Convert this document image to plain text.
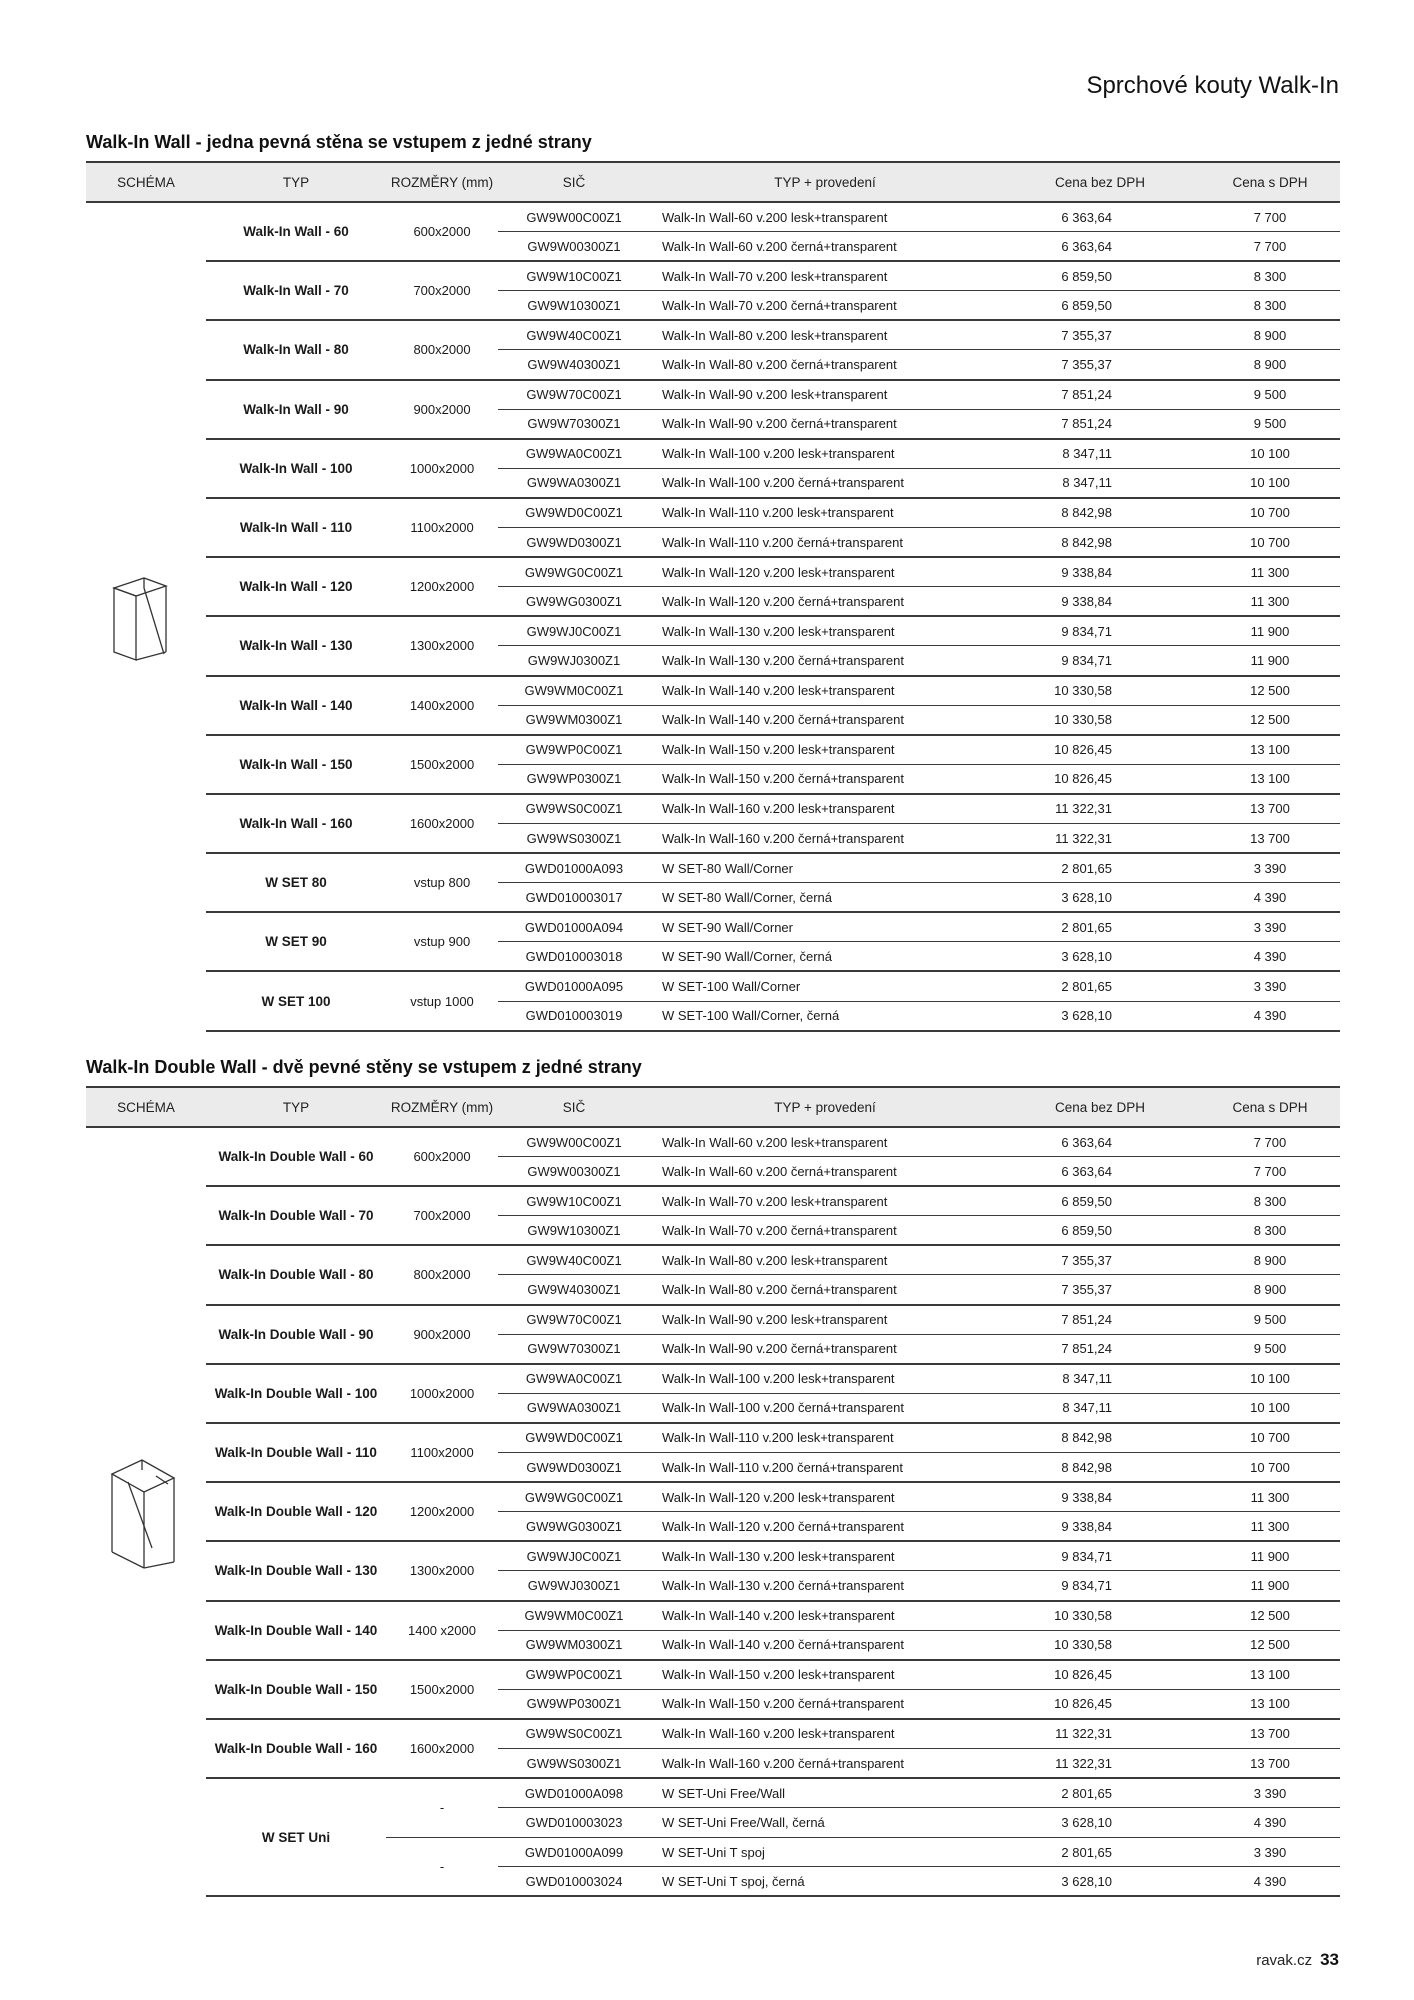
Sprchové kouty Walk-In
Walk-In Wall - jedna pevná stěna se vstupem z jedné strany
SCHÉMA	TYP	ROZMĚRY (mm)	SIČ	TYP + provedení	Cena bez DPH	Cena s DPH

	Walk-In Wall - 60	600x2000	GW9W00C00Z1	Walk-In Wall-60 v.200 lesk+transparent	6 363,64	7 700
			GW9W00300Z1	Walk-In Wall-60 v.200 černá+transparent	6 363,64	7 700
	Walk-In Wall - 70	700x2000	GW9W10C00Z1	Walk-In Wall-70 v.200 lesk+transparent	6 859,50	8 300
			GW9W10300Z1	Walk-In Wall-70 v.200 černá+transparent	6 859,50	8 300
	Walk-In Wall - 80	800x2000	GW9W40C00Z1	Walk-In Wall-80 v.200 lesk+transparent	7 355,37	8 900
			GW9W40300Z1	Walk-In Wall-80 v.200 černá+transparent	7 355,37	8 900
	Walk-In Wall - 90	900x2000	GW9W70C00Z1	Walk-In Wall-90 v.200 lesk+transparent	7 851,24	9 500
			GW9W70300Z1	Walk-In Wall-90 v.200 černá+transparent	7 851,24	9 500
	Walk-In Wall - 100	1000x2000	GW9WA0C00Z1	Walk-In Wall-100 v.200 lesk+transparent	8 347,11	10 100
			GW9WA0300Z1	Walk-In Wall-100 v.200 černá+transparent	8 347,11	10 100
	Walk-In Wall - 110	1100x2000	GW9WD0C00Z1	Walk-In Wall-110 v.200 lesk+transparent	8 842,98	10 700
			GW9WD0300Z1	Walk-In Wall-110 v.200 černá+transparent	8 842,98	10 700
	Walk-In Wall - 120	1200x2000	GW9WG0C00Z1	Walk-In Wall-120 v.200 lesk+transparent	9 338,84	11 300
			GW9WG0300Z1	Walk-In Wall-120 v.200 černá+transparent	9 338,84	11 300
	Walk-In Wall - 130	1300x2000	GW9WJ0C00Z1	Walk-In Wall-130 v.200 lesk+transparent	9 834,71	11 900
			GW9WJ0300Z1	Walk-In Wall-130 v.200 černá+transparent	9 834,71	11 900
	Walk-In Wall - 140	1400x2000	GW9WM0C00Z1	Walk-In Wall-140 v.200 lesk+transparent	10 330,58	12 500
			GW9WM0300Z1	Walk-In Wall-140 v.200 černá+transparent	10 330,58	12 500
	Walk-In Wall - 150	1500x2000	GW9WP0C00Z1	Walk-In Wall-150 v.200 lesk+transparent	10 826,45	13 100
			GW9WP0300Z1	Walk-In Wall-150 v.200 černá+transparent	10 826,45	13 100
	Walk-In Wall - 160	1600x2000	GW9WS0C00Z1	Walk-In Wall-160 v.200 lesk+transparent	11 322,31	13 700
			GW9WS0300Z1	Walk-In Wall-160 v.200 černá+transparent	11 322,31	13 700
	W SET 80	vstup 800	GWD01000A093	W SET-80 Wall/Corner	2 801,65	3 390
			GWD010003017	W SET-80 Wall/Corner, černá	3 628,10	4 390
	W SET 90	vstup 900	GWD01000A094	W SET-90 Wall/Corner	2 801,65	3 390
			GWD010003018	W SET-90 Wall/Corner, černá	3 628,10	4 390
	W SET 100	vstup 1000	GWD01000A095	W SET-100 Wall/Corner	2 801,65	3 390
			GWD010003019	W SET-100 Wall/Corner, černá	3 628,10	4 390
Walk-In Double Wall - dvě pevné stěny se vstupem z jedné strany
SCHÉMA	TYP	ROZMĚRY (mm)	SIČ	TYP + provedení	Cena bez DPH	Cena s DPH

	Walk-In Double Wall - 60	600x2000	GW9W00C00Z1	Walk-In Wall-60 v.200 lesk+transparent	6 363,64	7 700
			GW9W00300Z1	Walk-In Wall-60 v.200 černá+transparent	6 363,64	7 700
	Walk-In Double Wall - 70	700x2000	GW9W10C00Z1	Walk-In Wall-70 v.200 lesk+transparent	6 859,50	8 300
			GW9W10300Z1	Walk-In Wall-70 v.200 černá+transparent	6 859,50	8 300
	Walk-In Double Wall - 80	800x2000	GW9W40C00Z1	Walk-In Wall-80 v.200 lesk+transparent	7 355,37	8 900
			GW9W40300Z1	Walk-In Wall-80 v.200 černá+transparent	7 355,37	8 900
	Walk-In Double Wall - 90	900x2000	GW9W70C00Z1	Walk-In Wall-90 v.200 lesk+transparent	7 851,24	9 500
			GW9W70300Z1	Walk-In Wall-90 v.200 černá+transparent	7 851,24	9 500
	Walk-In Double Wall - 100	1000x2000	GW9WA0C00Z1	Walk-In Wall-100 v.200 lesk+transparent	8 347,11	10 100
			GW9WA0300Z1	Walk-In Wall-100 v.200 černá+transparent	8 347,11	10 100
	Walk-In Double Wall - 110	1100x2000	GW9WD0C00Z1	Walk-In Wall-110 v.200 lesk+transparent	8 842,98	10 700
			GW9WD0300Z1	Walk-In Wall-110 v.200 černá+transparent	8 842,98	10 700
	Walk-In Double Wall - 120	1200x2000	GW9WG0C00Z1	Walk-In Wall-120 v.200 lesk+transparent	9 338,84	11 300
			GW9WG0300Z1	Walk-In Wall-120 v.200 černá+transparent	9 338,84	11 300
	Walk-In Double Wall - 130	1300x2000	GW9WJ0C00Z1	Walk-In Wall-130 v.200 lesk+transparent	9 834,71	11 900
			GW9WJ0300Z1	Walk-In Wall-130 v.200 černá+transparent	9 834,71	11 900
	Walk-In Double Wall - 140	1400 x2000	GW9WM0C00Z1	Walk-In Wall-140 v.200 lesk+transparent	10 330,58	12 500
			GW9WM0300Z1	Walk-In Wall-140 v.200 černá+transparent	10 330,58	12 500
	Walk-In Double Wall - 150	1500x2000	GW9WP0C00Z1	Walk-In Wall-150 v.200 lesk+transparent	10 826,45	13 100
			GW9WP0300Z1	Walk-In Wall-150 v.200 černá+transparent	10 826,45	13 100
	Walk-In Double Wall - 160	1600x2000	GW9WS0C00Z1	Walk-In Wall-160 v.200 lesk+transparent	11 322,31	13 700
			GW9WS0300Z1	Walk-In Wall-160 v.200 černá+transparent	11 322,31	13 700
	W SET Uni	-	GWD01000A098	W SET-Uni Free/Wall	2 801,65	3 390
			GWD010003023	W SET-Uni Free/Wall, černá	3 628,10	4 390
		-	GWD01000A099	W SET-Uni T spoj	2 801,65	3 390
			GWD010003024	W SET-Uni T spoj, černá	3 628,10	4 390
ravak.cz 33
